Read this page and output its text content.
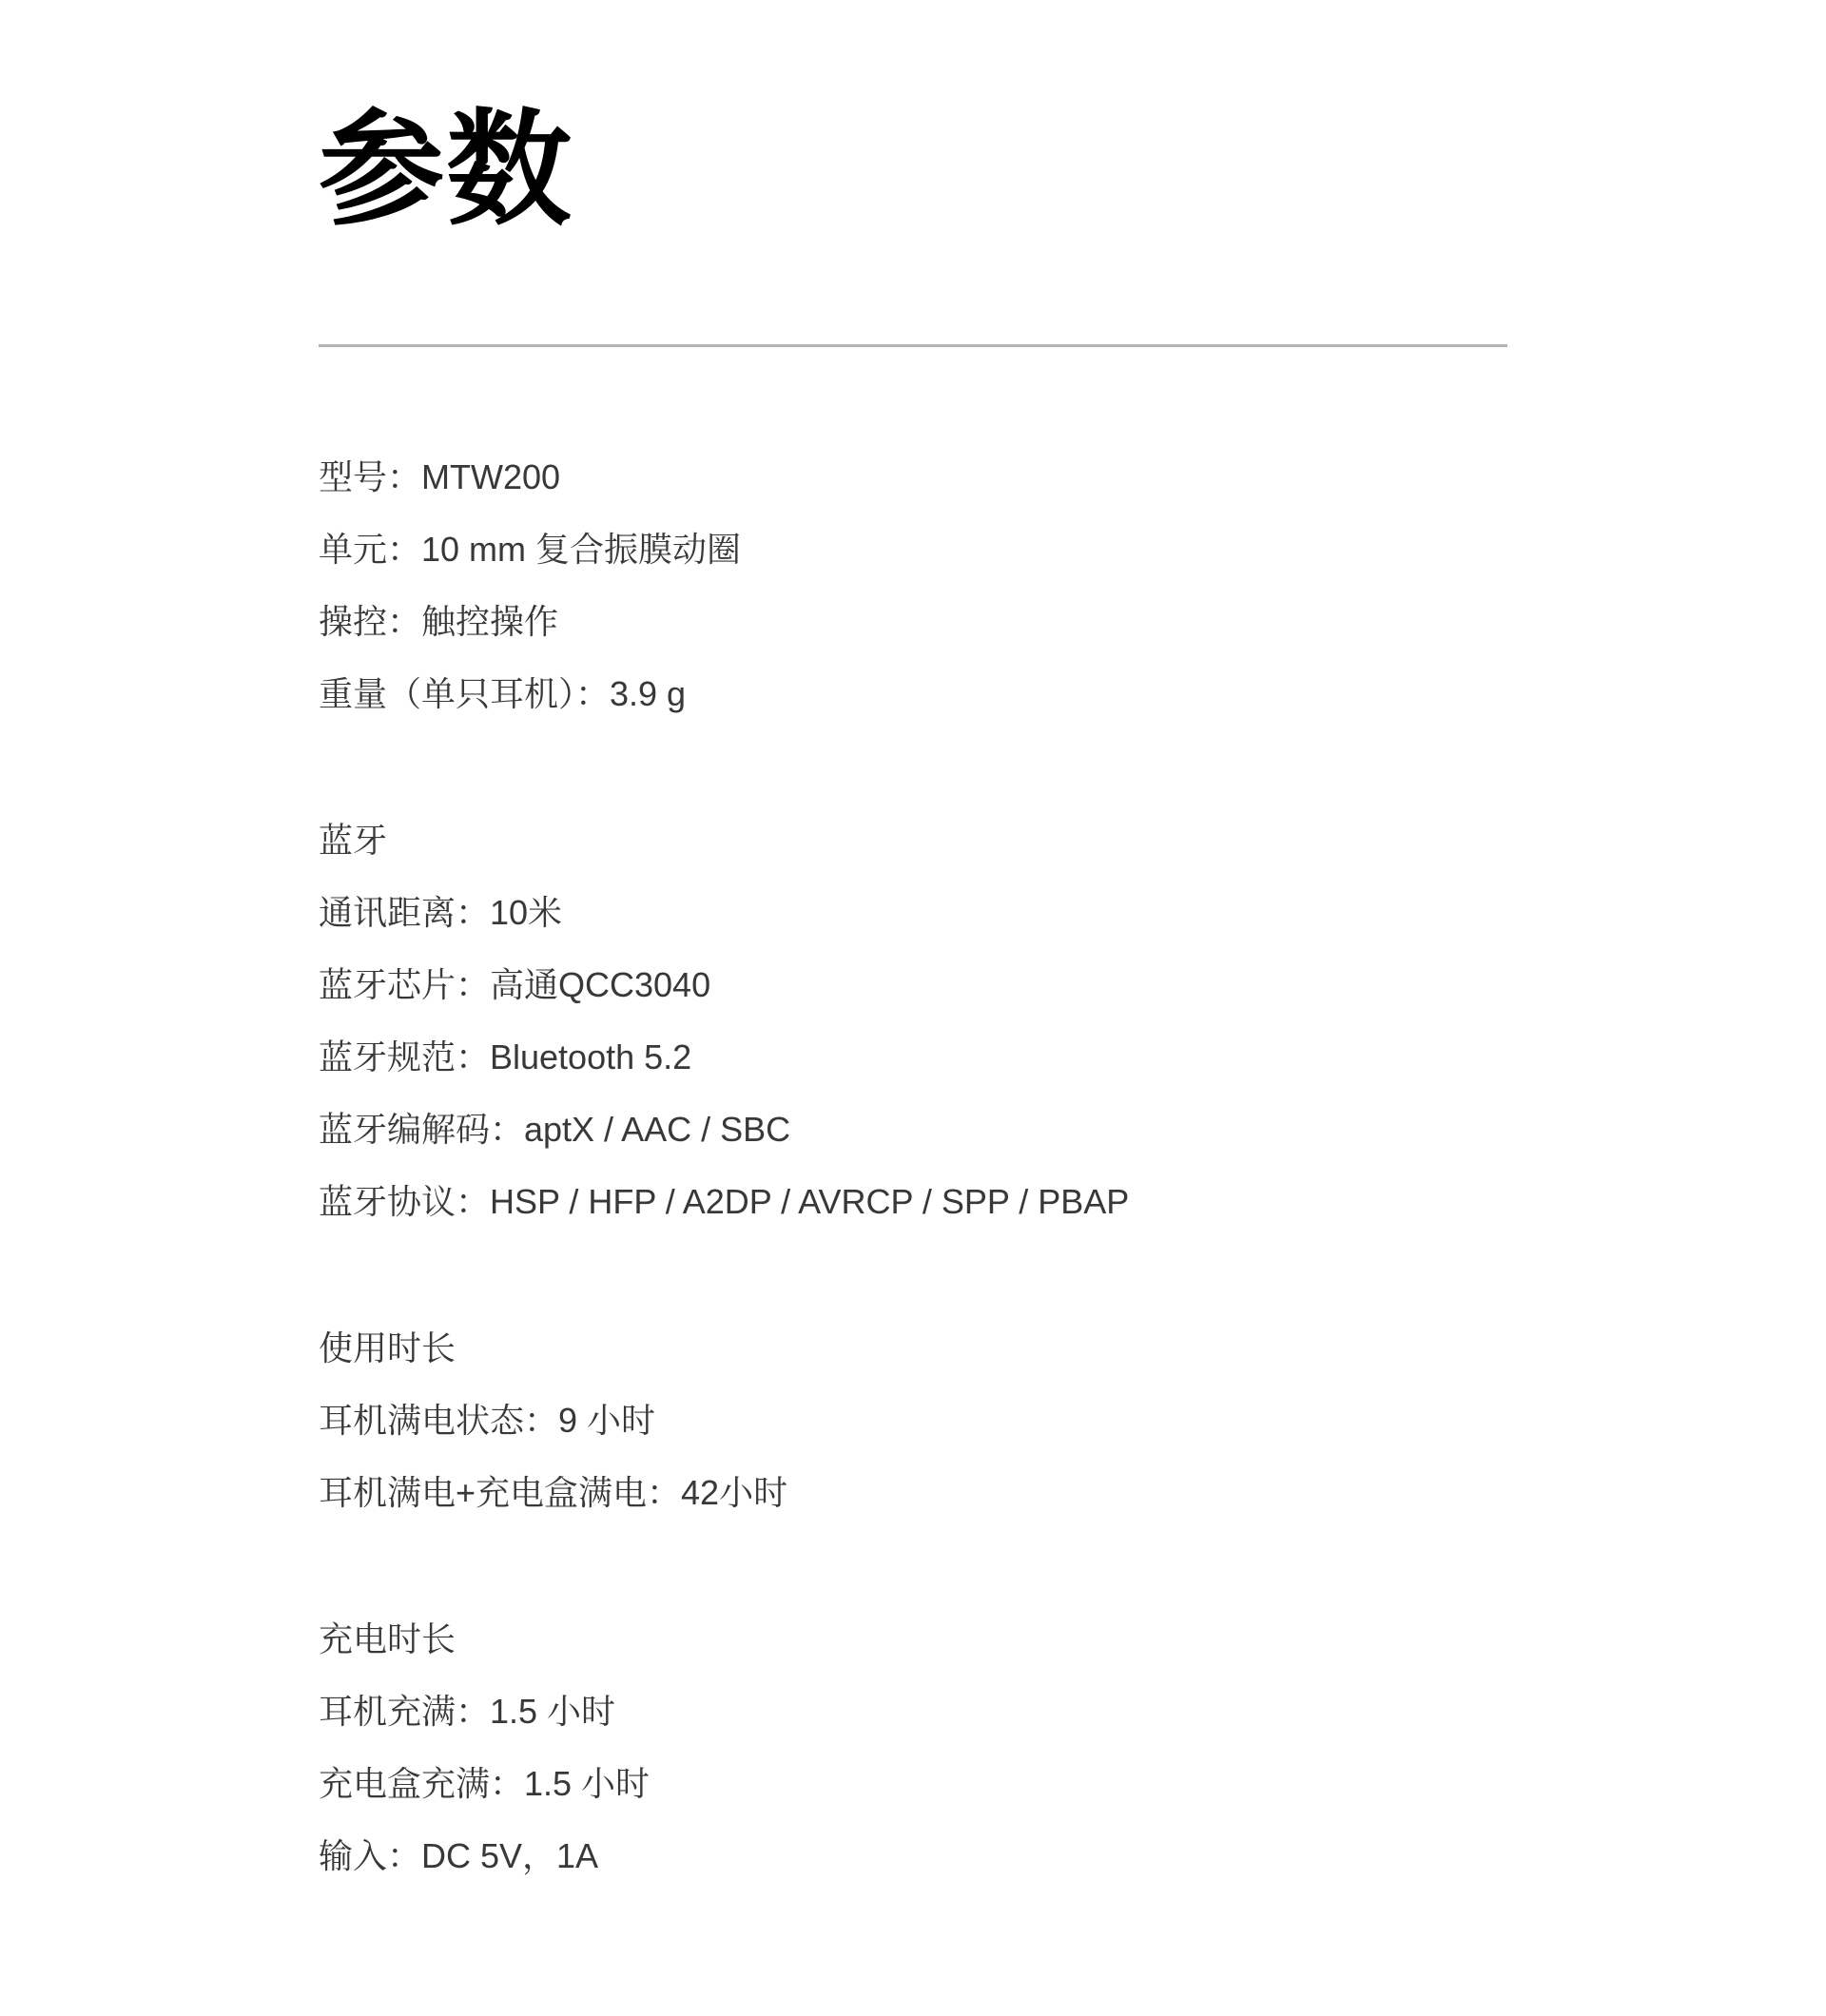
参数

型号：MTW200

单元：10 mm 复合振膜动圈

操控：触控操作

重量（单只耳机）：3.9 g

蓝牙

通讯距离：10米

蓝牙芯片：高通QCC3040

蓝牙规范：Bluetooth 5.2

蓝牙编解码：aptX / AAC / SBC

蓝牙协议：HSP / HFP / A2DP / AVRCP / SPP / PBAP

使用时长

耳机满电状态：9 小时

耳机满电+充电盒满电：42小时

充电时长

耳机充满：1.5 小时

充电盒充满：1.5 小时

输入：DC 5V，1A
